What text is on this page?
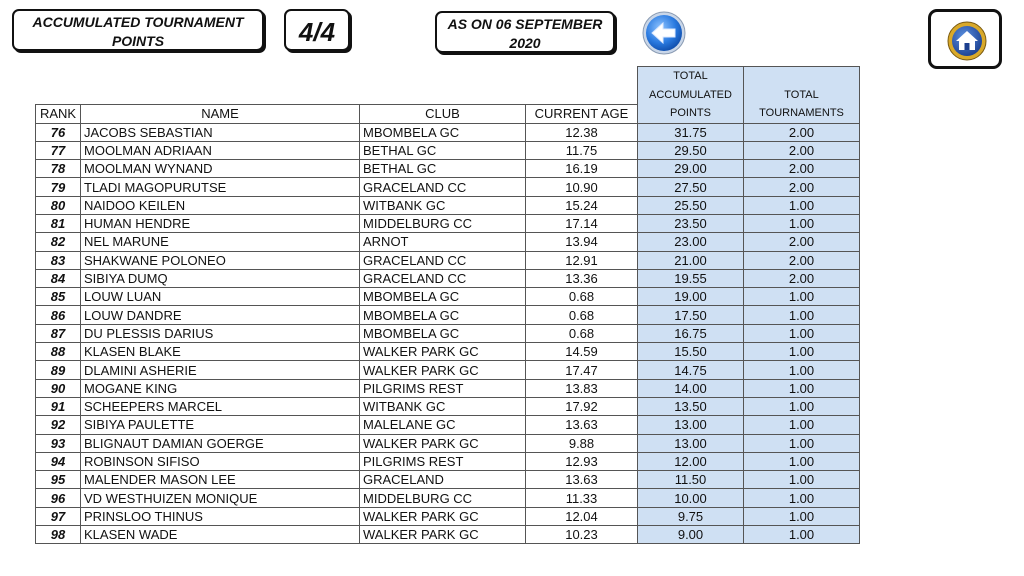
ACCUMULATED TOURNAMENT
POINTS	4/4	AS ON 06 SEPTEMBER
2020
				TOTAL	
				ACCUMULATED	TOTAL
RANK	NAME	CLUB	CURRENT AGE	POINTS	TOURNAMENTS
76	JACOBS SEBASTIAN	MBOMBELA GC	12.38	31.75	2.00
77	MOOLMAN ADRIAAN	BETHAL GC	11.75	29.50	2.00
78	MOOLMAN WYNAND	BETHAL GC	16.19	29.00	2.00
79	TLADI MAGOPURUTSE	GRACELAND CC	10.90	27.50	2.00
80	NAIDOO KEILEN	WITBANK GC	15.24	25.50	1.00
81	HUMAN HENDRE	MIDDELBURG CC	17.14	23.50	1.00
82	NEL MARUNE	ARNOT	13.94	23.00	2.00
83	SHAKWANE POLONEO	GRACELAND CC	12.91	21.00	2.00
84	SIBIYA DUMQ	GRACELAND CC	13.36	19.55	2.00
85	LOUW LUAN	MBOMBELA GC	0.68	19.00	1.00
86	LOUW DANDRE	MBOMBELA GC	0.68	17.50	1.00
87	DU PLESSIS DARIUS	MBOMBELA GC	0.68	16.75	1.00
88	KLASEN BLAKE	WALKER PARK GC	14.59	15.50	1.00
89	DLAMINI ASHERIE	WALKER PARK GC	17.47	14.75	1.00
90	MOGANE KING	PILGRIMS REST	13.83	14.00	1.00
91	SCHEEPERS MARCEL	WITBANK GC	17.92	13.50	1.00
92	SIBIYA PAULETTE	MALELANE GC	13.63	13.00	1.00
93	BLIGNAUT DAMIAN GOERGE	WALKER PARK GC	9.88	13.00	1.00
94	ROBINSON SIFISO	PILGRIMS REST	12.93	12.00	1.00
95	MALENDER MASON LEE	GRACELAND	13.63	11.50	1.00
96	VD WESTHUIZEN MONIQUE	MIDDELBURG CC	11.33	10.00	1.00
97	PRINSLOO THINUS	WALKER PARK GC	12.04	9.75	1.00
98	KLASEN WADE	WALKER PARK GC	10.23	9.00	1.00
